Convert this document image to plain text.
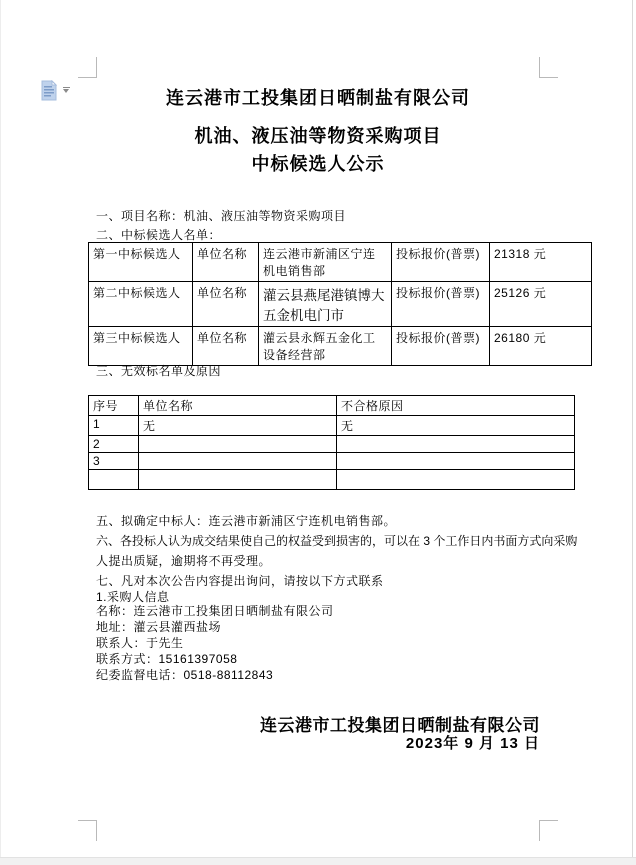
连云港市工投集团日晒制盐有限公司
机油、液压油等物资采购项目
中标候选人公示
一、项目名称：机油、液压油等物资采购项目
二、中标候选人名单：
第一中标候选人	单位名称	连云港市新浦区宁连机电销售部	投标报价(普票)	21318 元
第二中标候选人	单位名称	灌云县燕尾港镇博大五金机电门市	投标报价(普票)	25126 元
第三中标候选人	单位名称	灌云县永辉五金化工设备经营部	投标报价(普票)	26180 元
三、无效标名单及原因
序号	单位名称	不合格原因
1	无	无
2		
3		

五、拟确定中标人：连云港市新浦区宁连机电销售部。
六、各投标人认为成交结果使自己的权益受到损害的，可以在 3 个工作日内书面方式向采购
人提出质疑，逾期将不再受理。
七、凡对本次公告内容提出询问，请按以下方式联系
1.采购人信息
名称：连云港市工投集团日晒制盐有限公司
地址：灌云县灌西盐场
联系人：于先生
联系方式：15161397058
纪委监督电话：0518-88112843
连云港市工投集团日晒制盐有限公司
2023年 9 月 13 日
